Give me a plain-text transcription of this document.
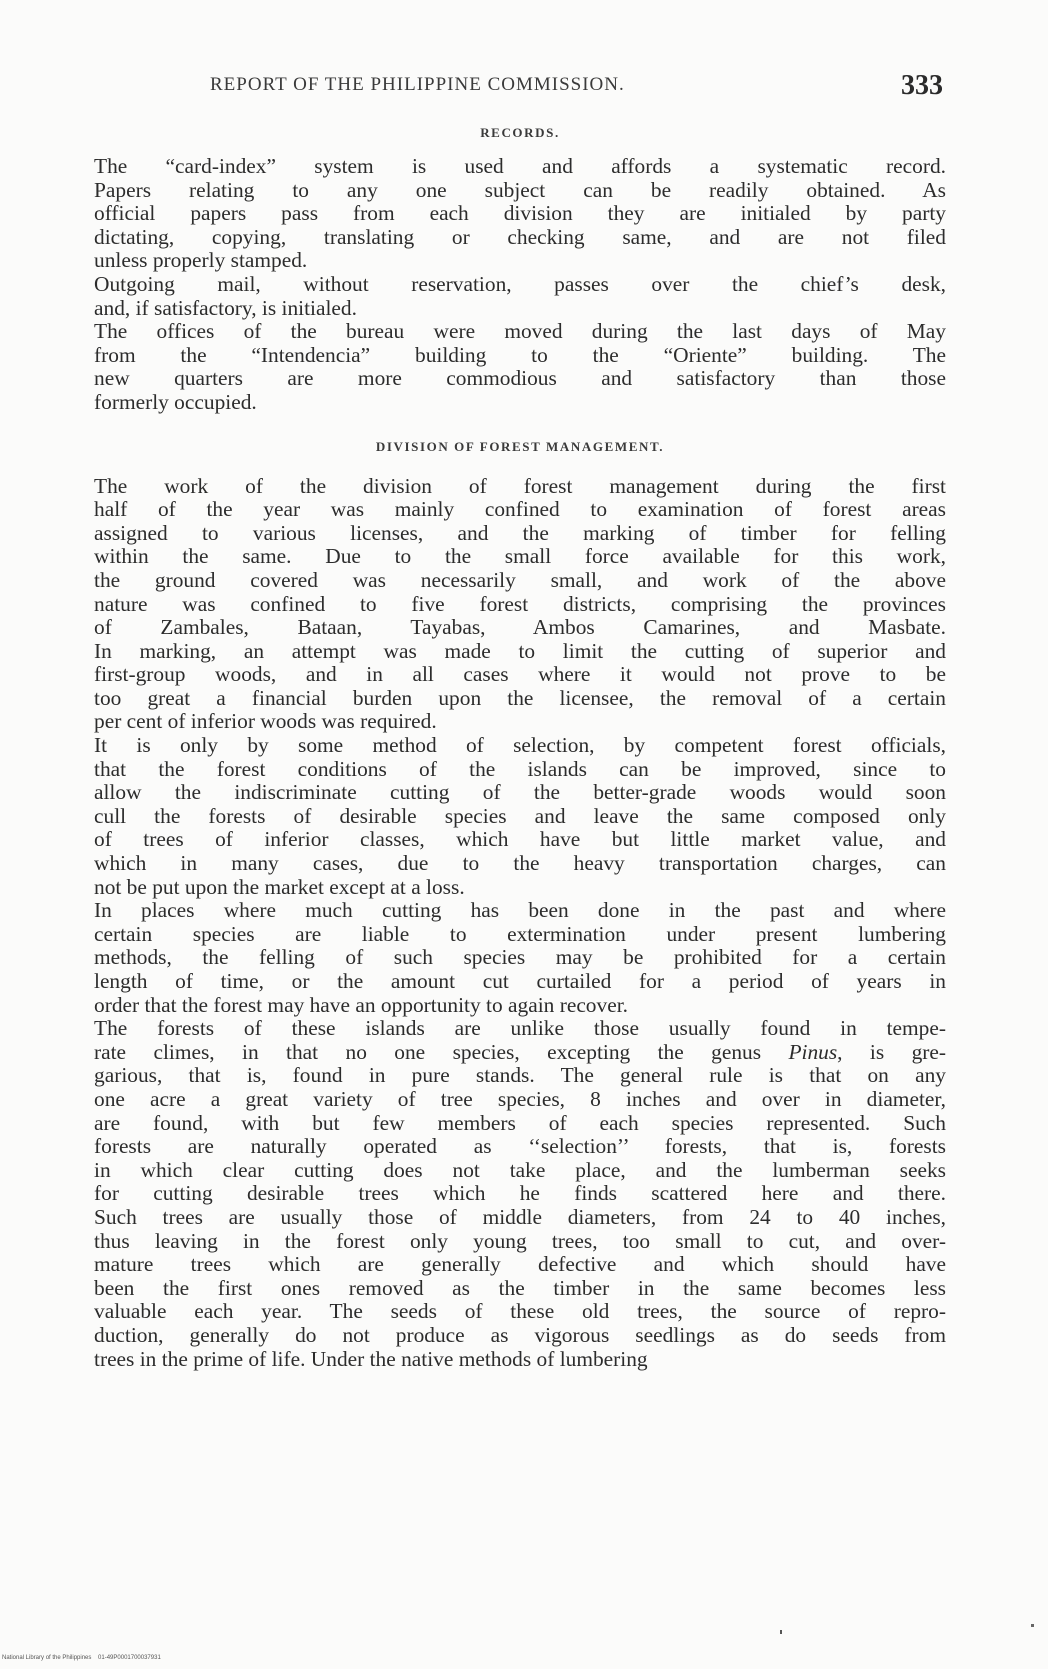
REPORT OF THE PHILIPPINE COMMISSION.	333
RECORDS.

The “card-index” system is used and affords a systematic record.
Papers relating to any one subject can be readily obtained. As
official papers pass from each division they are initialed by party
dictating, copying, translating or checking same, and are not filed
unless properly stamped.

Outgoing mail, without reservation, passes over the chief’s desk,
and, if satisfactory, is initialed.

The offices of the bureau were moved during the last days of May
from the “Intendencia” building to the “Oriente” building. The
new quarters are more commodious and satisfactory than those
formerly occupied.

DIVISION OF FOREST MANAGEMENT.

The work of the division of forest management during the first
half of the year was mainly confined to examination of forest areas
assigned to various licenses, and the marking of timber for felling
within the same. Due to the small force available for this work,
the ground covered was necessarily small, and work of the above
nature was confined to five forest districts, comprising the provinces
of Zambales, Bataan, Tayabas, Ambos Camarines, and Masbate.
In marking, an attempt was made to limit the cutting of superior and
first-group woods, and in all cases where it would not prove to be
too great a financial burden upon the licensee, the removal of a certain
per cent of inferior woods was required.

It is only by some method of selection, by competent forest officials,
that the forest conditions of the islands can be improved, since to
allow the indiscriminate cutting of the better-grade woods would soon
cull the forests of desirable species and leave the same composed only
of trees of inferior classes, which have but little market value, and
which in many cases, due to the heavy transportation charges, can
not be put upon the market except at a loss.

In places where much cutting has been done in the past and where
certain species are liable to extermination under present lumbering
methods, the felling of such species may be prohibited for a certain
length of time, or the amount cut curtailed for a period of years in
order that the forest may have an opportunity to again recover.

The forests of these islands are unlike those usually found in tempe-
rate climes, in that no one species, excepting the genus Pinus, is gre-
garious, that is, found in pure stands. The general rule is that on any
one acre a great variety of tree species, 8 inches and over in diameter,
are found, with but few members of each species represented. Such
forests are naturally operated as ‘‘selection’’ forests, that is, forests
in which clear cutting does not take place, and the lumberman seeks
for cutting desirable trees which he finds scattered here and there.
Such trees are usually those of middle diameters, from 24 to 40 inches,
thus leaving in the forest only young trees, too small to cut, and over-
mature trees which are generally defective and which should have
been the first ones removed as the timber in the same becomes less
valuable each year. The seeds of these old trees, the source of repro-
duction, generally do not produce as vigorous seedlings as do seeds from
trees in the prime of life. Under the native methods of lumbering

National Library of the Philippines    01-49P0001700037931
